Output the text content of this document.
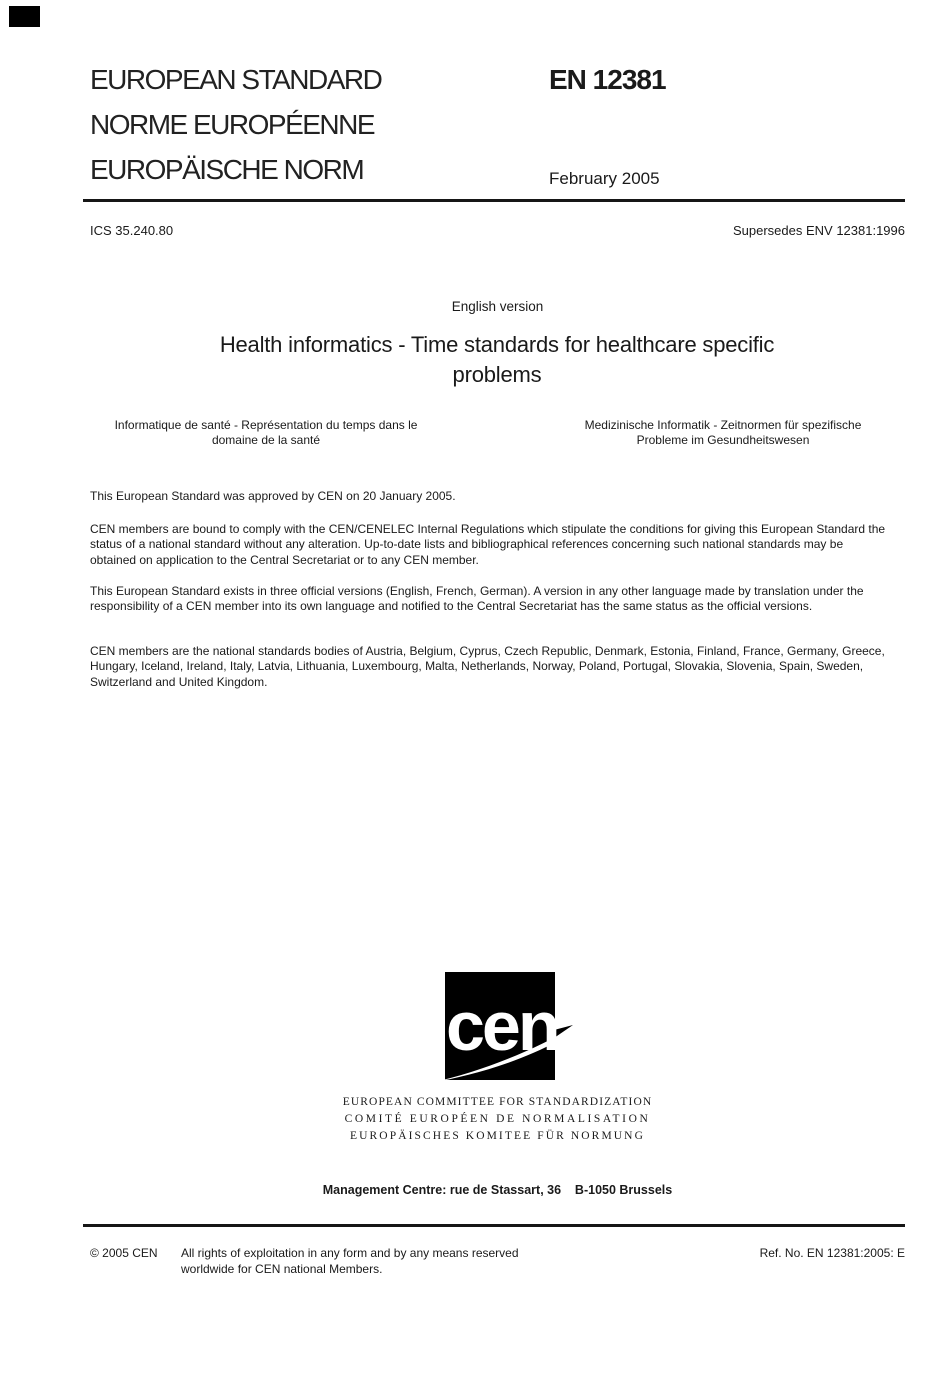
EUROPEAN STANDARD
NORME EUROPÉENNE
EUROPÄISCHE NORM
EN 12381
February 2005
ICS 35.240.80	Supersedes ENV 12381:1996
English version
Health informatics - Time standards for healthcare specific problems
Informatique de santé - Représentation du temps dans le domaine de la santé
Medizinische Informatik - Zeitnormen für spezifische Probleme im Gesundheitswesen
This European Standard was approved by CEN on 20 January 2005.
CEN members are bound to comply with the CEN/CENELEC Internal Regulations which stipulate the conditions for giving this European Standard the status of a national standard without any alteration. Up-to-date lists and bibliographical references concerning such national standards may be obtained on application to the Central Secretariat or to any CEN member.
This European Standard exists in three official versions (English, French, German). A version in any other language made by translation under the responsibility of a CEN member into its own language and notified to the Central Secretariat has the same status as the official versions.
CEN members are the national standards bodies of Austria, Belgium, Cyprus, Czech Republic, Denmark, Estonia, Finland, France, Germany, Greece, Hungary, Iceland, Ireland, Italy, Latvia, Lithuania, Luxembourg, Malta, Netherlands, Norway, Poland, Portugal, Slovakia, Slovenia, Spain, Sweden, Switzerland and United Kingdom.
cen
EUROPEAN COMMITTEE FOR STANDARDIZATION
COMITÉ EUROPÉEN DE NORMALISATION
EUROPÄISCHES KOMITEE FÜR NORMUNG
Management Centre: rue de Stassart, 36    B-1050 Brussels
© 2005 CEN All rights of exploitation in any form and by any means reserved worldwide for CEN national Members.
Ref. No. EN 12381:2005: E
